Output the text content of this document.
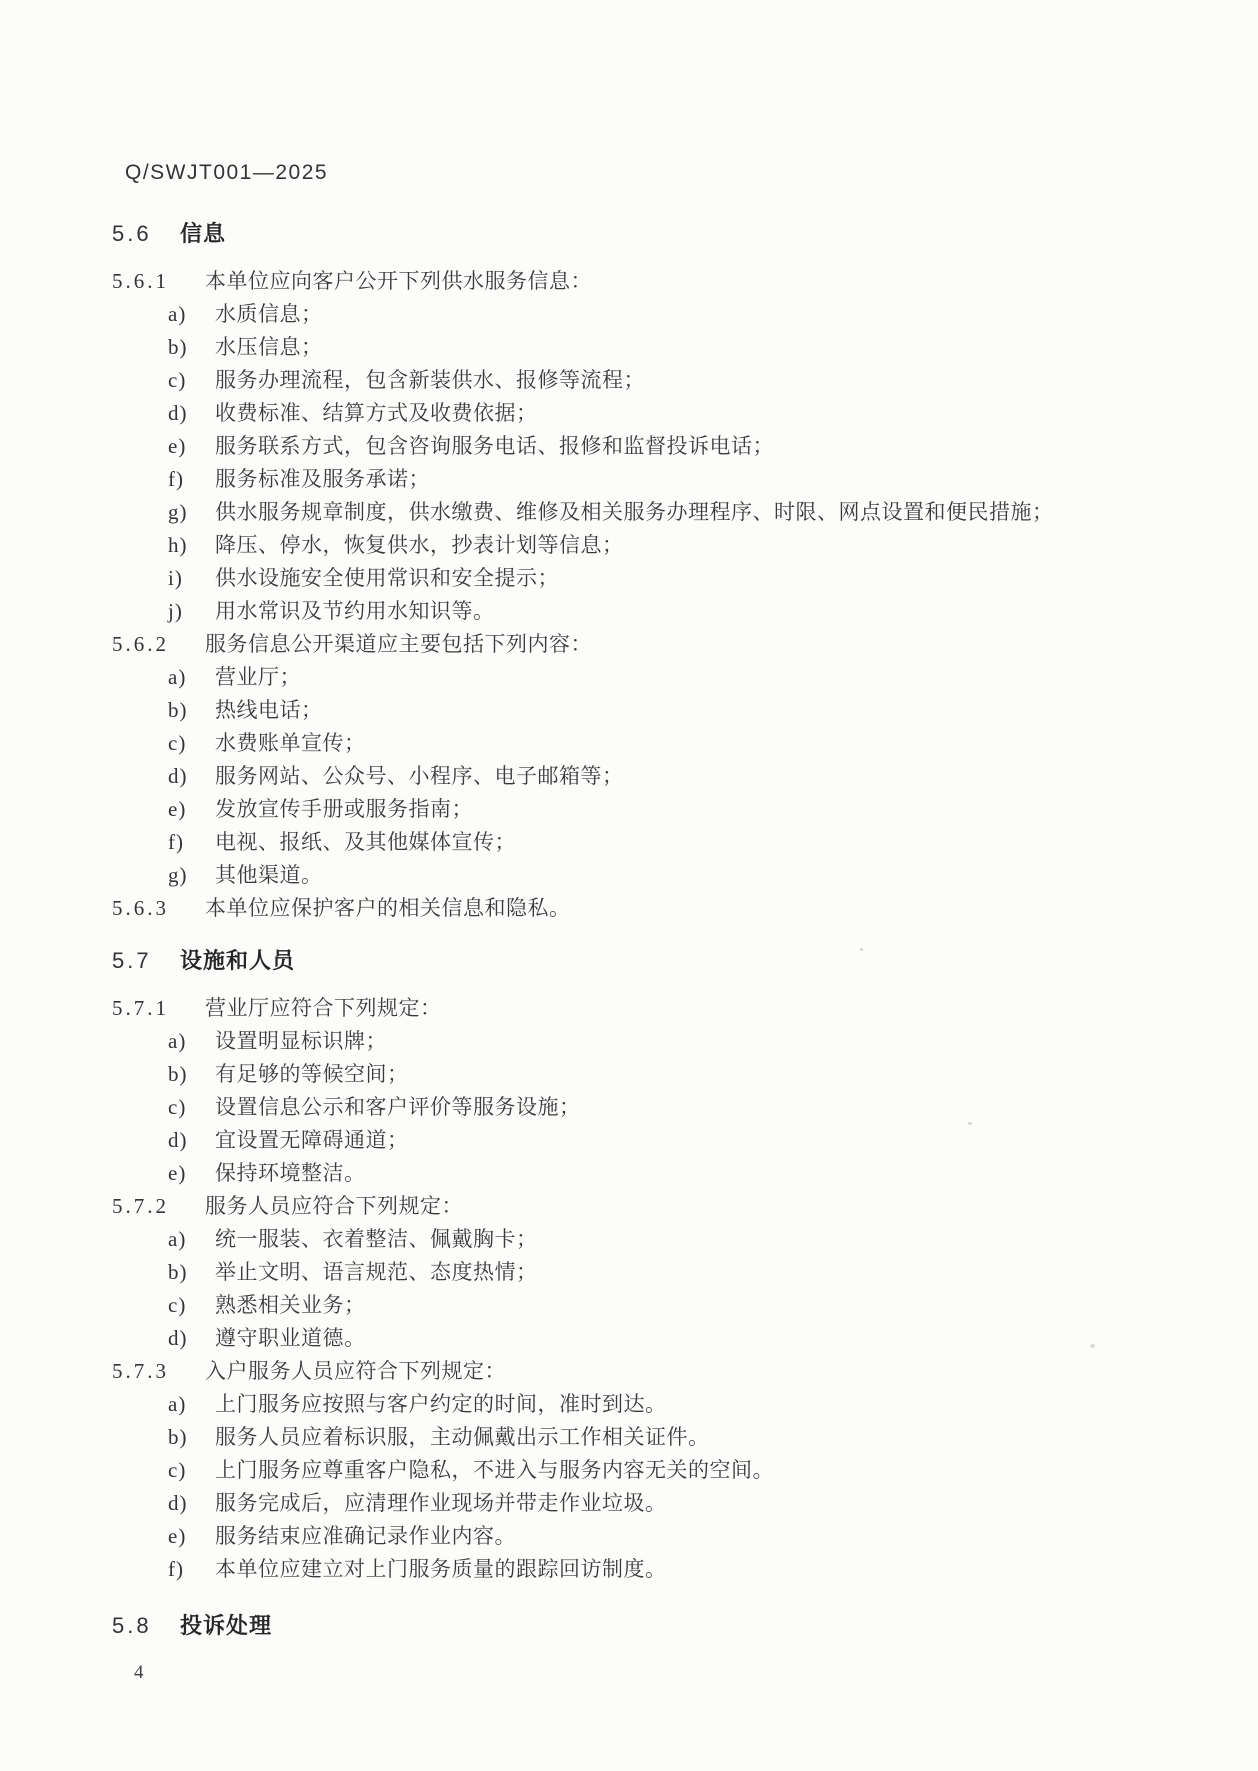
Q/SWJT001—2025
5.6 信息
5.6.1 本单位应向客户公开下列供水服务信息：
a) 水质信息；
b) 水压信息；
c) 服务办理流程，包含新装供水、报修等流程；
d) 收费标准、结算方式及收费依据；
e) 服务联系方式，包含咨询服务电话、报修和监督投诉电话；
f) 服务标准及服务承诺；
g) 供水服务规章制度，供水缴费、维修及相关服务办理程序、时限、网点设置和便民措施；
h) 降压、停水，恢复供水，抄表计划等信息；
i) 供水设施安全使用常识和安全提示；
j) 用水常识及节约用水知识等。
5.6.2 服务信息公开渠道应主要包括下列内容：
a) 营业厅；
b) 热线电话；
c) 水费账单宣传；
d) 服务网站、公众号、小程序、电子邮箱等；
e) 发放宣传手册或服务指南；
f) 电视、报纸、及其他媒体宣传；
g) 其他渠道。
5.6.3 本单位应保护客户的相关信息和隐私。
5.7 设施和人员
5.7.1 营业厅应符合下列规定：
a) 设置明显标识牌；
b) 有足够的等候空间；
c) 设置信息公示和客户评价等服务设施；
d) 宜设置无障碍通道；
e) 保持环境整洁。
5.7.2 服务人员应符合下列规定：
a) 统一服装、衣着整洁、佩戴胸卡；
b) 举止文明、语言规范、态度热情；
c) 熟悉相关业务；
d) 遵守职业道德。
5.7.3 入户服务人员应符合下列规定：
a) 上门服务应按照与客户约定的时间，准时到达。
b) 服务人员应着标识服，主动佩戴出示工作相关证件。
c) 上门服务应尊重客户隐私，不进入与服务内容无关的空间。
d) 服务完成后，应清理作业现场并带走作业垃圾。
e) 服务结束应准确记录作业内容。
f) 本单位应建立对上门服务质量的跟踪回访制度。
5.8 投诉处理
4
